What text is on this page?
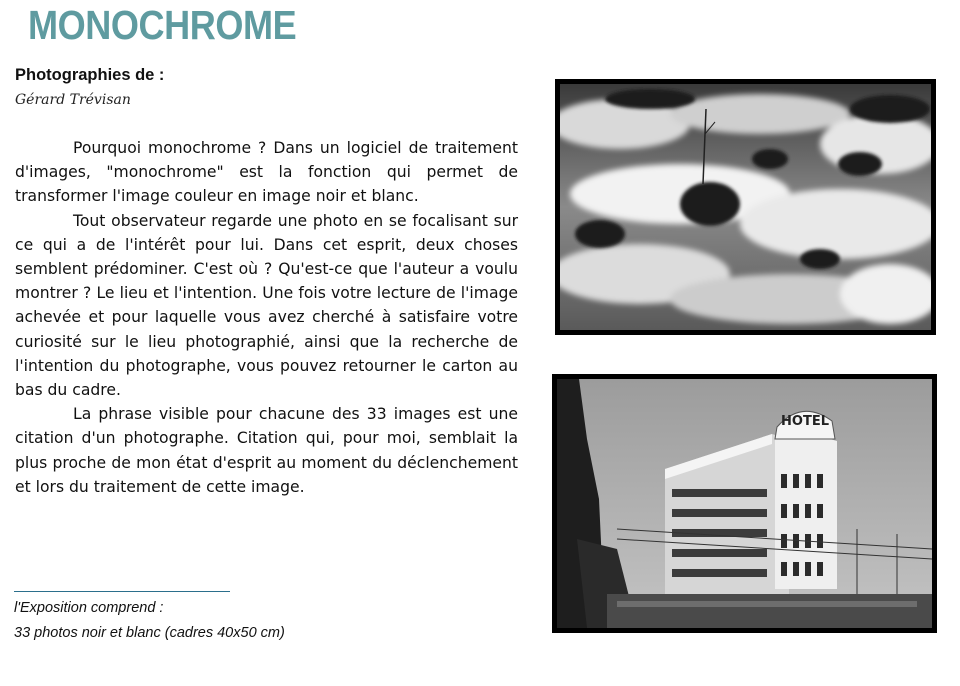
MONOCHROME
Photographies de :
Gérard Trévisan

Pourquoi monochrome ? Dans un logiciel de traitement d'images, "monochrome" est la fonction qui permet de transformer l'image couleur en image noir et blanc.

Tout observateur regarde une photo en se focalisant sur ce qui a de l'intérêt pour lui. Dans cet esprit, deux choses semblent prédominer. C'est où ? Qu'est-ce que l'auteur a voulu montrer ? Le lieu et l'intention. Une fois votre lecture de l'image achevée et pour laquelle vous avez cherché à satisfaire votre curiosité sur le lieu photographié, ainsi que la recherche de l'intention du photographe, vous pouvez retourner le carton au bas du cadre.

La phrase visible pour chacune des 33 images est une citation d'un photographe. Citation qui, pour moi, semblait la plus proche de mon état d'esprit au moment du déclenchement et lors du traitement de cette image.

l'Exposition comprend :
33 photos noir et blanc (cadres 40x50 cm)
HOTEL
